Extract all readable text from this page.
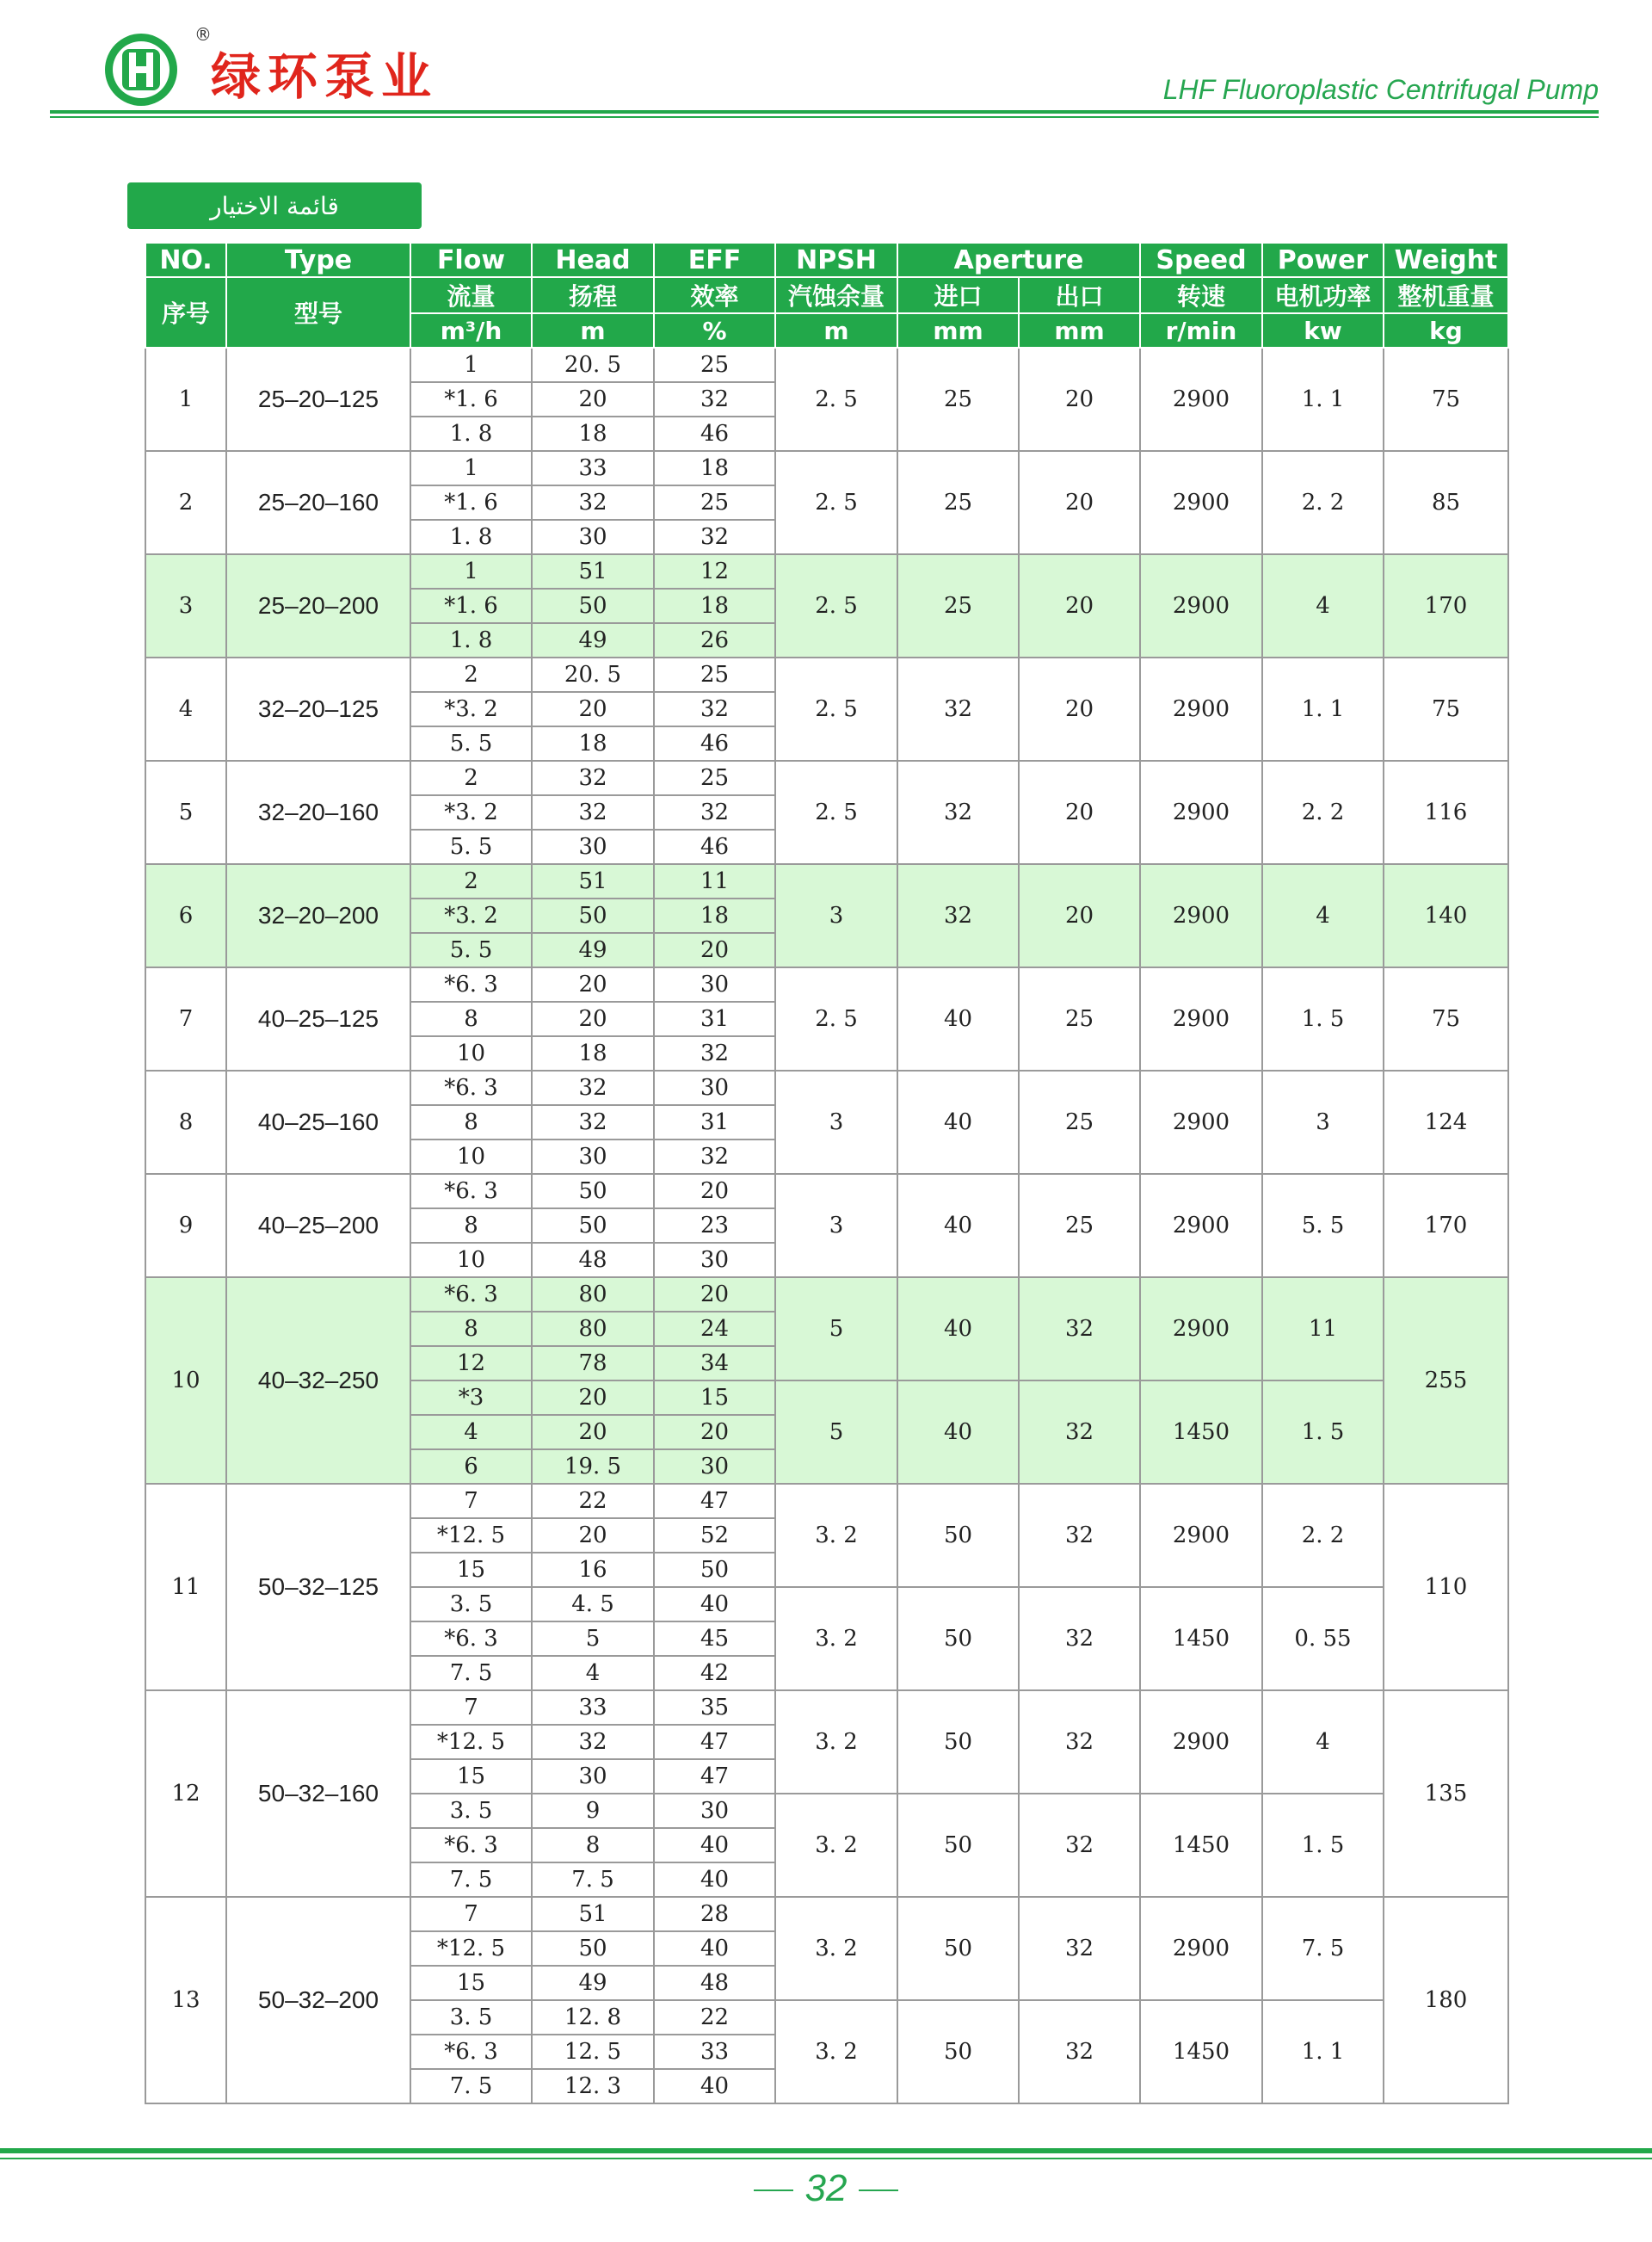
®
绿环泵业	LHF Fluoroplastic Centrifugal Pump
قائمة الاختيار
NO.	Type	Flow	Head	EFF	NPSH	Aperture		Speed	Power	Weight
序号	型号	流量	扬程	效率	汽蚀余量	进口	出口	转速	电机功率	整机重量
		m³/h	m	%	m	mm	mm	r/min	kw	kg
1	25–20–125	1	20. 5	25	2. 5	25	20	2900	1. 1	75
		*1. 6	20	32						
		1. 8	18	46						
2	25–20–160	1	33	18	2. 5	25	20	2900	2. 2	85
		*1. 6	32	25						
		1. 8	30	32						
3	25–20–200	1	51	12	2. 5	25	20	2900	4	170
		*1. 6	50	18						
		1. 8	49	26						
4	32–20–125	2	20. 5	25	2. 5	32	20	2900	1. 1	75
		*3. 2	20	32						
		5. 5	18	46						
5	32–20–160	2	32	25	2. 5	32	20	2900	2. 2	116
		*3. 2	32	32						
		5. 5	30	46						
6	32–20–200	2	51	11	3	32	20	2900	4	140
		*3. 2	50	18						
		5. 5	49	20						
7	40–25–125	*6. 3	20	30	2. 5	40	25	2900	1. 5	75
		8	20	31						
		10	18	32						
8	40–25–160	*6. 3	32	30	3	40	25	2900	3	124
		8	32	31						
		10	30	32						
9	40–25–200	*6. 3	50	20	3	40	25	2900	5. 5	170
		8	50	23						
		10	48	30						
10	40–32–250	*6. 3	80	20	5	40	32	2900	11	255
		8	80	24						
		12	78	34						
		*3	20	15	5	40	32	1450	1. 5	
		4	20	20						
		6	19. 5	30						
11	50–32–125	7	22	47	3. 2	50	32	2900	2. 2	110
		*12. 5	20	52						
		15	16	50						
		3. 5	4. 5	40	3. 2	50	32	1450	0. 55	
		*6. 3	5	45						
		7. 5	4	42						
12	50–32–160	7	33	35	3. 2	50	32	2900	4	135
		*12. 5	32	47						
		15	30	47						
		3. 5	9	30	3. 2	50	32	1450	1. 5	
		*6. 3	8	40						
		7. 5	7. 5	40						
13	50–32–200	7	51	28	3. 2	50	32	2900	7. 5	180
		*12. 5	50	40						
		15	49	48						
		3. 5	12. 8	22	3. 2	50	32	1450	1. 1	
		*6. 3	12. 5	33						
		7. 5	12. 3	40						
32
